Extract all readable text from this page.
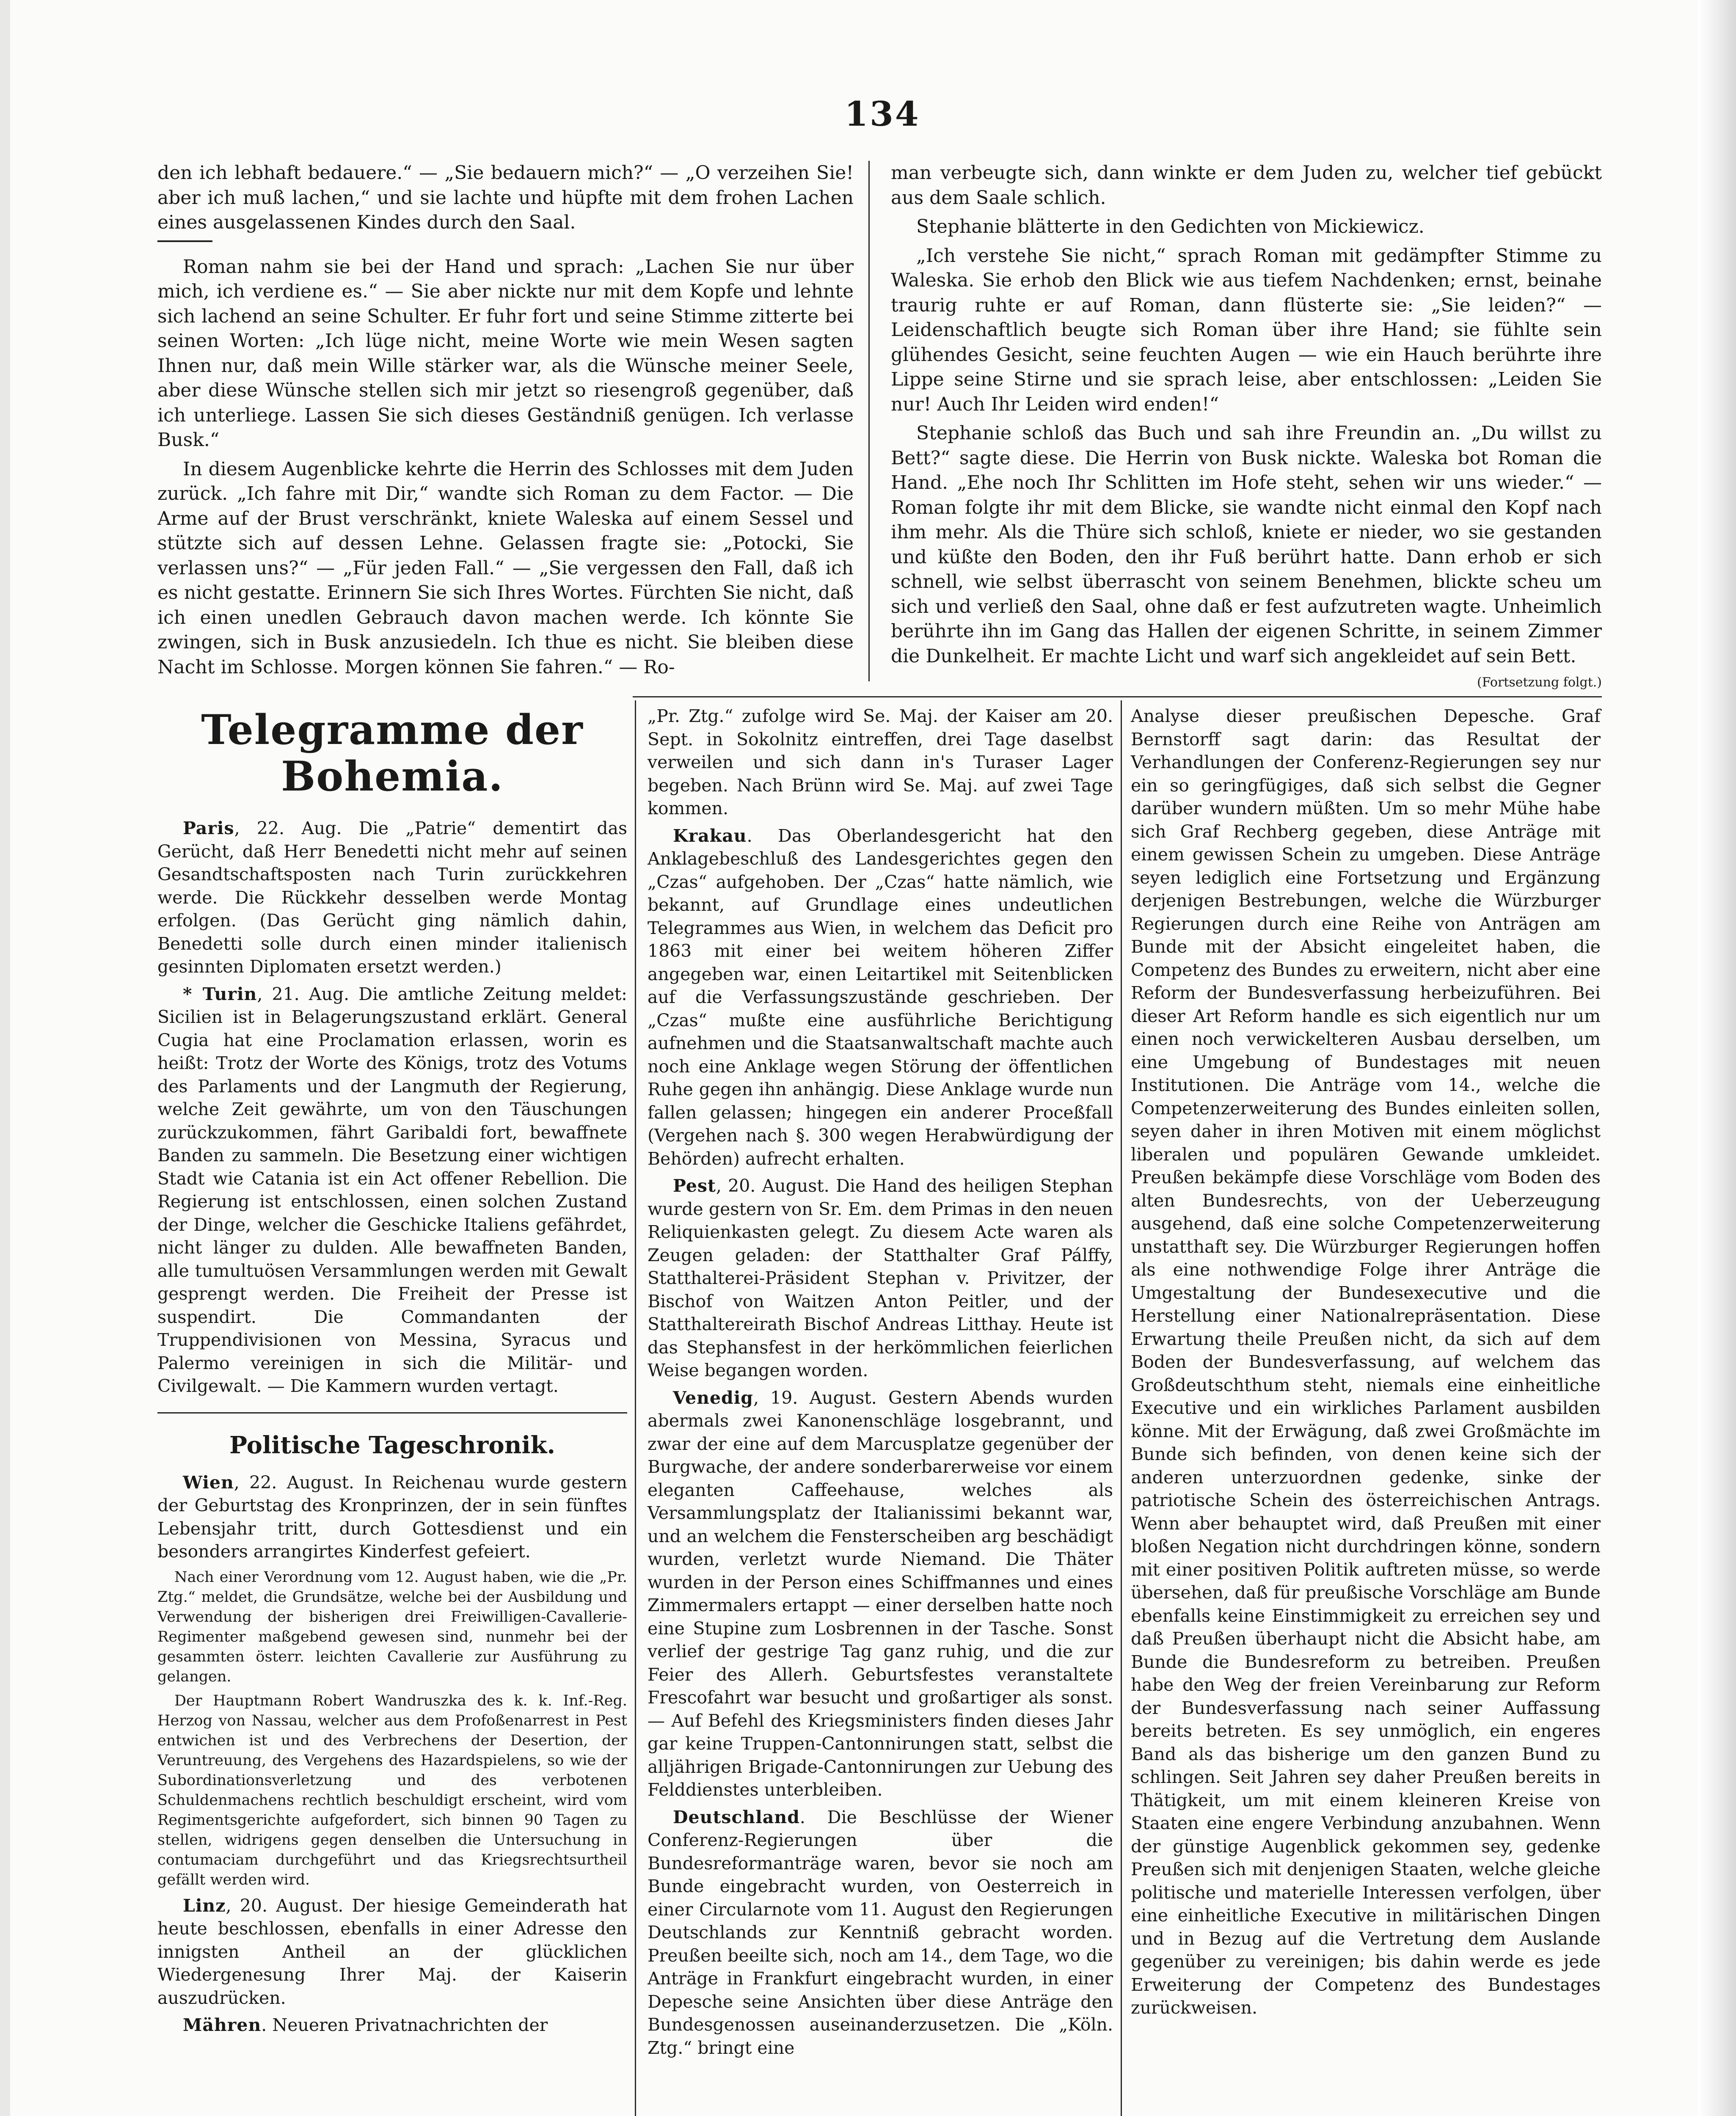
134

den ich lebhaft bedauere.“ — „Sie bedauern mich?“ — „O verzeihen Sie! aber ich muß lachen,“ und sie lachte und hüpfte mit dem frohen Lachen eines ausgelassenen Kindes durch den Saal.

Roman nahm sie bei der Hand und sprach: „Lachen Sie nur über mich, ich verdiene es.“ — Sie aber nickte nur mit dem Kopfe und lehnte sich lachend an seine Schulter. Er fuhr fort und seine Stimme zitterte bei seinen Worten: „Ich lüge nicht, meine Worte wie mein Wesen sagten Ihnen nur, daß mein Wille stärker war, als die Wünsche meiner Seele, aber diese Wünsche stellen sich mir jetzt so riesengroß gegenüber, daß ich unterliege. Lassen Sie sich dieses Geständniß genügen. Ich verlasse Busk.“

In diesem Augenblicke kehrte die Herrin des Schlosses mit dem Juden zurück. „Ich fahre mit Dir,“ wandte sich Roman zu dem Factor. — Die Arme auf der Brust verschränkt, kniete Waleska auf einem Sessel und stützte sich auf dessen Lehne. Gelassen fragte sie: „Potocki, Sie verlassen uns?“ — „Für jeden Fall.“ — „Sie vergessen den Fall, daß ich es nicht gestatte. Erinnern Sie sich Ihres Wortes. Fürchten Sie nicht, daß ich einen unedlen Gebrauch davon machen werde. Ich könnte Sie zwingen, sich in Busk anzusiedeln. Ich thue es nicht. Sie bleiben diese Nacht im Schlosse. Morgen können Sie fahren.“ — Ro-

man verbeugte sich, dann winkte er dem Juden zu, welcher tief gebückt aus dem Saale schlich.

Stephanie blätterte in den Gedichten von Mickiewicz.

„Ich verstehe Sie nicht,“ sprach Roman mit gedämpfter Stimme zu Waleska. Sie erhob den Blick wie aus tiefem Nachdenken; ernst, beinahe traurig ruhte er auf Roman, dann flüsterte sie: „Sie leiden?“ — Leidenschaftlich beugte sich Roman über ihre Hand; sie fühlte sein glühendes Gesicht, seine feuchten Augen — wie ein Hauch berührte ihre Lippe seine Stirne und sie sprach leise, aber entschlossen: „Leiden Sie nur! Auch Ihr Leiden wird enden!“

Stephanie schloß das Buch und sah ihre Freundin an. „Du willst zu Bett?“ sagte diese. Die Herrin von Busk nickte. Waleska bot Roman die Hand. „Ehe noch Ihr Schlitten im Hofe steht, sehen wir uns wieder.“ — Roman folgte ihr mit dem Blicke, sie wandte nicht einmal den Kopf nach ihm mehr. Als die Thüre sich schloß, kniete er nieder, wo sie gestanden und küßte den Boden, den ihr Fuß berührt hatte. Dann erhob er sich schnell, wie selbst überrascht von seinem Benehmen, blickte scheu um sich und verließ den Saal, ohne daß er fest aufzutreten wagte. Unheimlich berührte ihn im Gang das Hallen der eigenen Schritte, in seinem Zimmer die Dunkelheit. Er machte Licht und warf sich angekleidet auf sein Bett.

(Fortsetzung folgt.)

Telegramme der Bohemia.

Paris, 22. Aug. Die „Patrie“ dementirt das Gerücht, daß Herr Benedetti nicht mehr auf seinen Gesandtschaftsposten nach Turin zurückkehren werde. Die Rückkehr desselben werde Montag erfolgen. (Das Gerücht ging nämlich dahin, Benedetti solle durch einen minder italienisch gesinnten Diplomaten ersetzt werden.)

* Turin, 21. Aug. Die amtliche Zeitung meldet: Sicilien ist in Belagerungszustand erklärt. General Cugia hat eine Proclamation erlassen, worin es heißt: Trotz der Worte des Königs, trotz des Votums des Parlaments und der Langmuth der Regierung, welche Zeit gewährte, um von den Täuschungen zurückzukommen, fährt Garibaldi fort, bewaffnete Banden zu sammeln. Die Besetzung einer wichtigen Stadt wie Catania ist ein Act offener Rebellion. Die Regierung ist entschlossen, einen solchen Zustand der Dinge, welcher die Geschicke Italiens gefährdet, nicht länger zu dulden. Alle bewaffneten Banden, alle tumultuösen Versammlungen werden mit Gewalt gesprengt werden. Die Freiheit der Presse ist suspendirt. Die Commandanten der Truppendivisionen von Messina, Syracus und Palermo vereinigen in sich die Militär- und Civilgewalt. — Die Kammern wurden vertagt.

Politische Tageschronik.

Wien, 22. August. In Reichenau wurde gestern der Geburtstag des Kronprinzen, der in sein fünftes Lebensjahr tritt, durch Gottesdienst und ein besonders arrangirtes Kinderfest gefeiert.

Nach einer Verordnung vom 12. August haben, wie die „Pr. Ztg.“ meldet, die Grundsätze, welche bei der Ausbildung und Verwendung der bisherigen drei Freiwilligen-Cavallerie-Regimenter maßgebend gewesen sind, nunmehr bei der gesammten österr. leichten Cavallerie zur Ausführung zu gelangen.

Der Hauptmann Robert Wandruszka des k. k. Inf.-Reg. Herzog von Nassau, welcher aus dem Profoßenarrest in Pest entwichen ist und des Verbrechens der Desertion, der Veruntreuung, des Vergehens des Hazardspielens, so wie der Subordinationsverletzung und des verbotenen Schuldenmachens rechtlich beschuldigt erscheint, wird vom Regimentsgerichte aufgefordert, sich binnen 90 Tagen zu stellen, widrigens gegen denselben die Untersuchung in contumaciam durchgeführt und das Kriegsrechtsurtheil gefällt werden wird.

Linz, 20. August. Der hiesige Gemeinderath hat heute beschlossen, ebenfalls in einer Adresse den innigsten Antheil an der glücklichen Wiedergenesung Ihrer Maj. der Kaiserin auszudrücken.

Mähren. Neueren Privatnachrichten der

„Pr. Ztg.“ zufolge wird Se. Maj. der Kaiser am 20. Sept. in Sokolnitz eintreffen, drei Tage daselbst verweilen und sich dann in's Turaser Lager begeben. Nach Brünn wird Se. Maj. auf zwei Tage kommen.

Krakau. Das Oberlandesgericht hat den Anklagebeschluß des Landesgerichtes gegen den „Czas“ aufgehoben. Der „Czas“ hatte nämlich, wie bekannt, auf Grundlage eines undeutlichen Telegrammes aus Wien, in welchem das Deficit pro 1863 mit einer bei weitem höheren Ziffer angegeben war, einen Leitartikel mit Seitenblicken auf die Verfassungszustände geschrieben. Der „Czas“ mußte eine ausführliche Berichtigung aufnehmen und die Staatsanwaltschaft machte auch noch eine Anklage wegen Störung der öffentlichen Ruhe gegen ihn anhängig. Diese Anklage wurde nun fallen gelassen; hingegen ein anderer Proceßfall (Vergehen nach §. 300 wegen Herabwürdigung der Behörden) aufrecht erhalten.

Pest, 20. August. Die Hand des heiligen Stephan wurde gestern von Sr. Em. dem Primas in den neuen Reliquienkasten gelegt. Zu diesem Acte waren als Zeugen geladen: der Statthalter Graf Pálffy, Statthalterei-Präsident Stephan v. Privitzer, der Bischof von Waitzen Anton Peitler, und der Statthaltereirath Bischof Andreas Litthay. Heute ist das Stephansfest in der herkömmlichen feierlichen Weise begangen worden.

Venedig, 19. August. Gestern Abends wurden abermals zwei Kanonenschläge losgebrannt, und zwar der eine auf dem Marcusplatze gegenüber der Burgwache, der andere sonderbarerweise vor einem eleganten Caffeehause, welches als Versammlungsplatz der Italianissimi bekannt war, und an welchem die Fensterscheiben arg beschädigt wurden, verletzt wurde Niemand. Die Thäter wurden in der Person eines Schiffmannes und eines Zimmermalers ertappt — einer derselben hatte noch eine Stupine zum Losbrennen in der Tasche. Sonst verlief der gestrige Tag ganz ruhig, und die zur Feier des Allerh. Geburtsfestes veranstaltete Frescofahrt war besucht und großartiger als sonst. — Auf Befehl des Kriegsministers finden dieses Jahr gar keine Truppen-Cantonnirungen statt, selbst die alljährigen Brigade-Cantonnirungen zur Uebung des Felddienstes unterbleiben.

Deutschland. Die Beschlüsse der Wiener Conferenz-Regierungen über die Bundesreformanträge waren, bevor sie noch am Bunde eingebracht wurden, von Oesterreich in einer Circularnote vom 11. August den Regierungen Deutschlands zur Kenntniß gebracht worden. Preußen beeilte sich, noch am 14., dem Tage, wo die Anträge in Frankfurt eingebracht wurden, in einer Depesche seine Ansichten über diese Anträge den Bundesgenossen auseinanderzusetzen. Die „Köln. Ztg.“ bringt eine

Analyse dieser preußischen Depesche. Graf Bernstorff sagt darin: das Resultat der Verhandlungen der Conferenz-Regierungen sey nur ein so geringfügiges, daß sich selbst die Gegner darüber wundern müßten. Um so mehr Mühe habe sich Graf Rechberg gegeben, diese Anträge mit einem gewissen Schein zu umgeben. Diese Anträge seyen lediglich eine Fortsetzung und Ergänzung derjenigen Bestrebungen, welche die Würzburger Regierungen durch eine Reihe von Anträgen am Bunde mit der Absicht eingeleitet haben, die Competenz des Bundes zu erweitern, nicht aber eine Reform der Bundesverfassung herbeizuführen. Bei dieser Art Reform handle es sich eigentlich nur um einen noch verwickelteren Ausbau derselben, um eine Umgebung of Bundestages mit neuen Institutionen. Die Anträge vom 14., welche die Competenzerweiterung des Bundes einleiten sollen, seyen daher in ihren Motiven mit einem möglichst liberalen und populären Gewande umkleidet. Preußen bekämpfe diese Vorschläge vom Boden des alten Bundesrechts, von der Ueberzeugung ausgehend, daß eine solche Competenzerweiterung unstatthaft sey. Die Würzburger Regierungen hoffen als eine nothwendige Folge ihrer Anträge die Umgestaltung der Bundesexecutive und die Herstellung einer Nationalrepräsentation. Diese Erwartung theile Preußen nicht, da sich auf dem Boden der Bundesverfassung, auf welchem das Großdeutschthum steht, niemals eine einheitliche Executive und ein wirkliches Parlament ausbilden könne. Mit der Erwägung, daß zwei Großmächte im Bunde sich befinden, von denen keine sich der anderen unterzuordnen gedenke, sinke der patriotische Schein des österreichischen Antrags. Wenn aber behauptet wird, daß Preußen mit einer bloßen Negation nicht durchdringen könne, sondern mit einer positiven Politik auftreten müsse, so werde übersehen, daß für preußische Vorschläge am Bunde ebenfalls keine Einstimmigkeit zu erreichen sey und daß Preußen überhaupt nicht die Absicht habe, am Bunde die Bundesreform zu betreiben. Preußen habe den Weg der freien Vereinbarung zur Reform der Bundesverfassung nach seiner Auffassung bereits betreten. Es sey unmöglich, ein engeres Band als das bisherige um den ganzen Bund zu schlingen. Seit Jahren sey daher Preußen bereits in Thätigkeit, um mit einem kleineren Kreise von Staaten eine engere Verbindung anzubahnen. Wenn der günstige Augenblick gekommen sey, gedenke Preußen sich mit denjenigen Staaten, welche gleiche politische und materielle Interessen verfolgen, über eine einheitliche Executive in militärischen Dingen und in Bezug auf die Vertretung dem Auslande gegenüber zu vereinigen; bis dahin werde es jede Erweiterung der Competenz des Bundestages zurückweisen.
